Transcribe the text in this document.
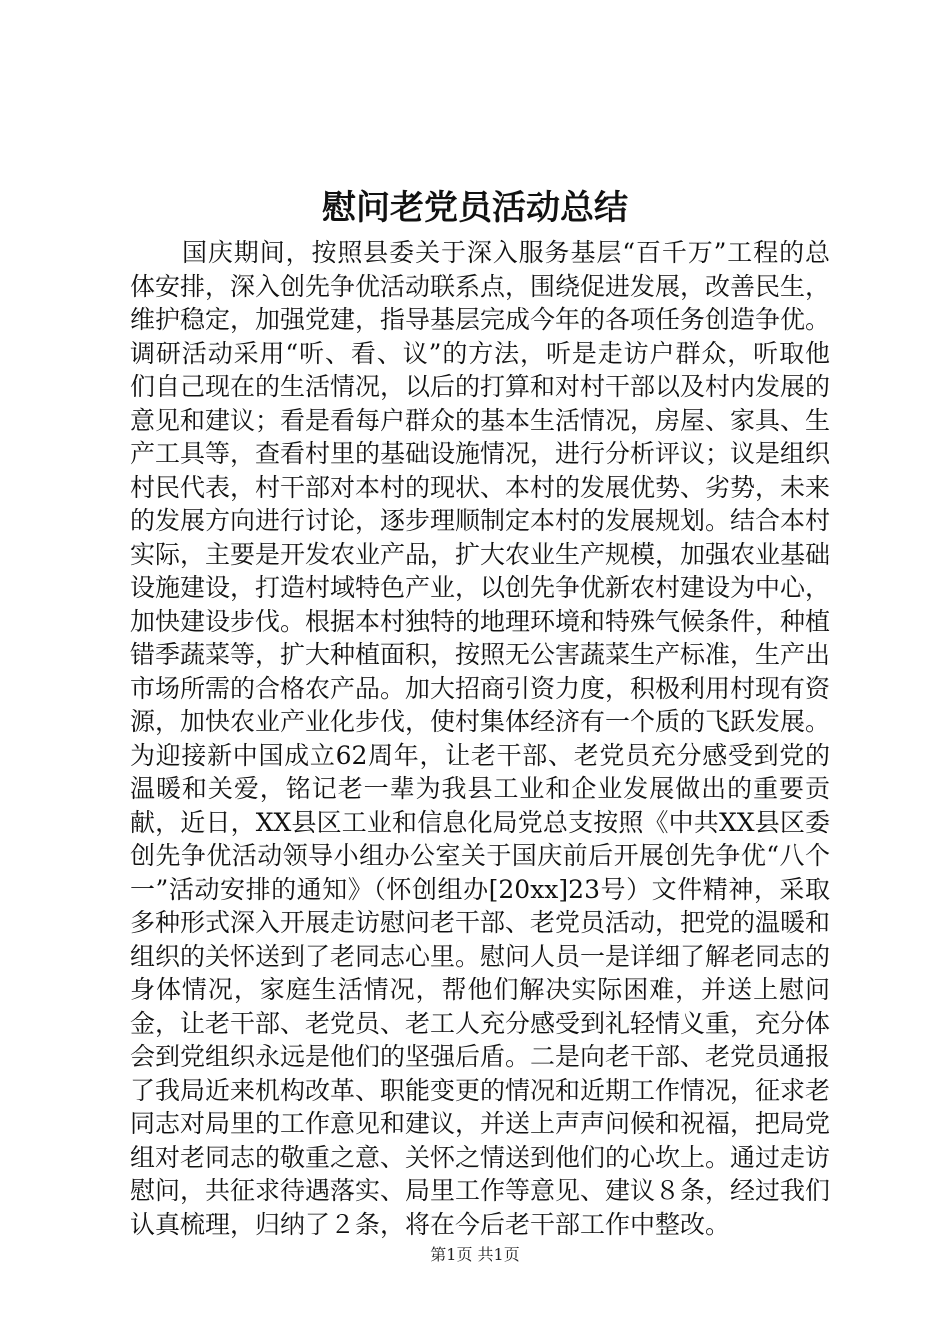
慰问老党员活动总结

国庆期间，按照县委关于深入服务基层“百千万”工程的总体安排，深入创先争优活动联系点，围绕促进发展，改善民生，维护稳定，加强党建，指导基层完成今年的各项任务创造争优。调研活动采用“听、看、议”的方法，听是走访户群众，听取他们自己现在的生活情况，以后的打算和对村干部以及村内发展的意见和建议；看是看每户群众的基本生活情况，房屋、家具、生产工具等，查看村里的基础设施情况，进行分析评议；议是组织村民代表，村干部对本村的现状、本村的发展优势、劣势，未来的发展方向进行讨论，逐步理顺制定本村的发展规划。结合本村实际，主要是开发农业产品，扩大农业生产规模，加强农业基础设施建设，打造村域特色产业，以创先争优新农村建设为中心，加快建设步伐。根据本村独特的地理环境和特殊气候条件，种植错季蔬菜等，扩大种植面积，按照无公害蔬菜生产标准，生产出市场所需的合格农产品。加大招商引资力度，积极利用村现有资源，加快农业产业化步伐，使村集体经济有一个质的飞跃发展。为迎接新中国成立62周年，让老干部、老党员充分感受到党的温暖和关爱，铭记老一辈为我县工业和企业发展做出的重要贡献，近日，XX县区工业和信息化局党总支按照《中共XX县区委创先争优活动领导小组办公室关于国庆前后开展创先争优“八个一”活动安排的通知》（怀创组办[20xx]23号）文件精神，采取多种形式深入开展走访慰问老干部、老党员活动，把党的温暖和组织的关怀送到了老同志心里。慰问人员一是详细了解老同志的身体情况，家庭生活情况，帮他们解决实际困难，并送上慰问金，让老干部、老党员、老工人充分感受到礼轻情义重，充分体会到党组织永远是他们的坚强后盾。二是向老干部、老党员通报了我局近来机构改革、职能变更的情况和近期工作情况，征求老同志对局里的工作意见和建议，并送上声声问候和祝福，把局党组对老同志的敬重之意、关怀之情送到他们的心坎上。通过走访慰问，共征求待遇落实、局里工作等意见、建议８条，经过我们认真梳理，归纳了２条，将在今后老干部工作中整改。

第1页 共1页
